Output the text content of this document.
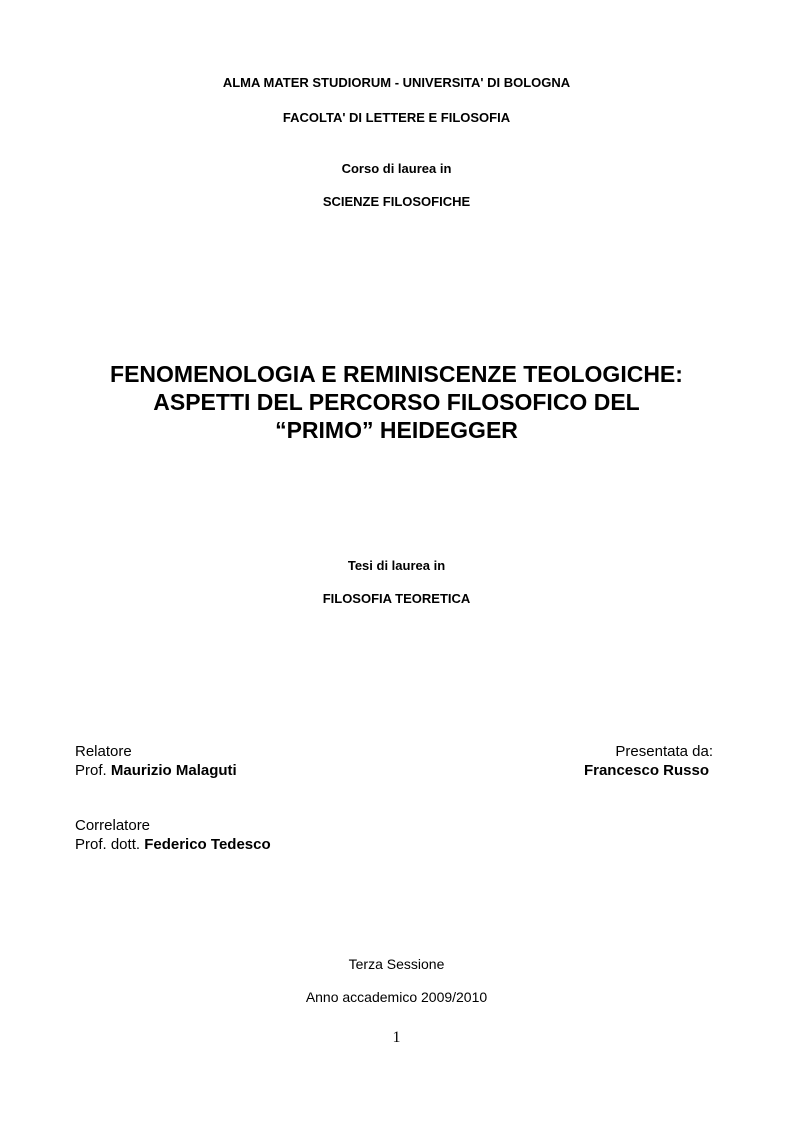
ALMA MATER STUDIORUM - UNIVERSITA' DI BOLOGNA
FACOLTA' DI LETTERE E FILOSOFIA
Corso di laurea in
SCIENZE FILOSOFICHE
FENOMENOLOGIA E REMINISCENZE TEOLOGICHE:
ASPETTI DEL PERCORSO FILOSOFICO DEL
“PRIMO” HEIDEGGER
Tesi di laurea in
FILOSOFIA TEORETICA
Relatore
Prof. Maurizio Malaguti
Presentata da:
Francesco Russo
Correlatore
Prof. dott. Federico Tedesco
Terza Sessione
Anno accademico 2009/2010
1
